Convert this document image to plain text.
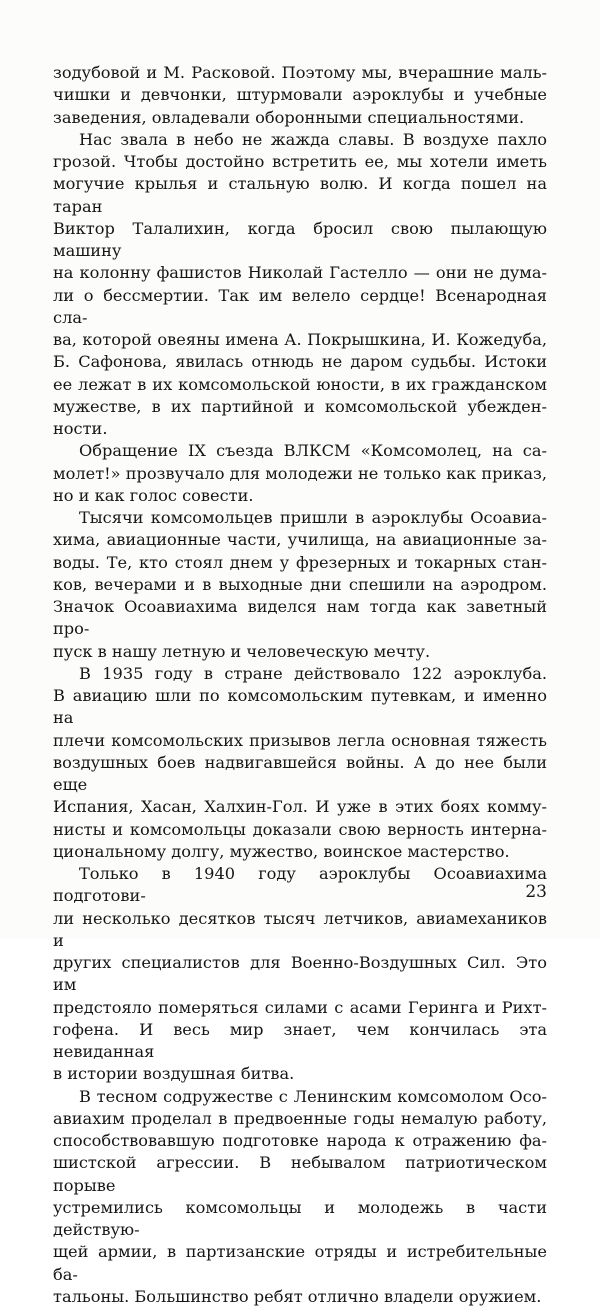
зодубовой и М. Расковой. Поэтому мы, вчерашние маль-
чишки и девчонки, штурмовали аэроклубы и учебные
заведения, овладевали оборонными специальностями.
Нас звала в небо не жажда славы. В воздухе пахло
грозой. Чтобы достойно встретить ее, мы хотели иметь
могучие крылья и стальную волю. И когда пошел на таран
Виктор Талалихин, когда бросил свою пылающую машину
на колонну фашистов Николай Гастелло — они не дума-
ли о бессмертии. Так им велело сердце! Всенародная сла-
ва, которой овеяны имена А. Покрышкина, И. Кожедуба,
Б. Сафонова, явилась отнюдь не даром судьбы. Истоки
ее лежат в их комсомольской юности, в их гражданском
мужестве, в их партийной и комсомольской убежден-
ности.
Обращение IX съезда ВЛКСМ «Комсомолец, на са-
молет!» прозвучало для молодежи не только как приказ,
но и как голос совести.
Тысячи комсомольцев пришли в аэроклубы Осоавиа-
хима, авиационные части, училища, на авиационные за-
воды. Те, кто стоял днем у фрезерных и токарных стан-
ков, вечерами и в выходные дни спешили на аэродром.
Значок Осоавиахима виделся нам тогда как заветный про-
пуск в нашу летную и человеческую мечту.
В 1935 году в стране действовало 122 аэроклуба.
В авиацию шли по комсомольским путевкам, и именно на
плечи комсомольских призывов легла основная тяжесть
воздушных боев надвигавшейся войны. А до нее были еще
Испания, Хасан, Халхин-Гол. И уже в этих боях комму-
нисты и комсомольцы доказали свою верность интерна-
циональному долгу, мужество, воинское мастерство.
Только в 1940 году аэроклубы Осоавиахима подготови-
ли несколько десятков тысяч летчиков, авиамехаников и
других специалистов для Военно-Воздушных Сил. Это им
предстояло померяться силами с асами Геринга и Рихт-
гофена. И весь мир знает, чем кончилась эта невиданная
в истории воздушная битва.
В тесном содружестве с Ленинским комсомолом Осо-
авиахим проделал в предвоенные годы немалую работу,
способствовавшую подготовке народа к отражению фа-
шистской агрессии. В небывалом патриотическом порыве
устремились комсомольцы и молодежь в части действую-
щей армии, в партизанские отряды и истребительные ба-
тальоны. Большинство ребят отлично владели оружием.
23
